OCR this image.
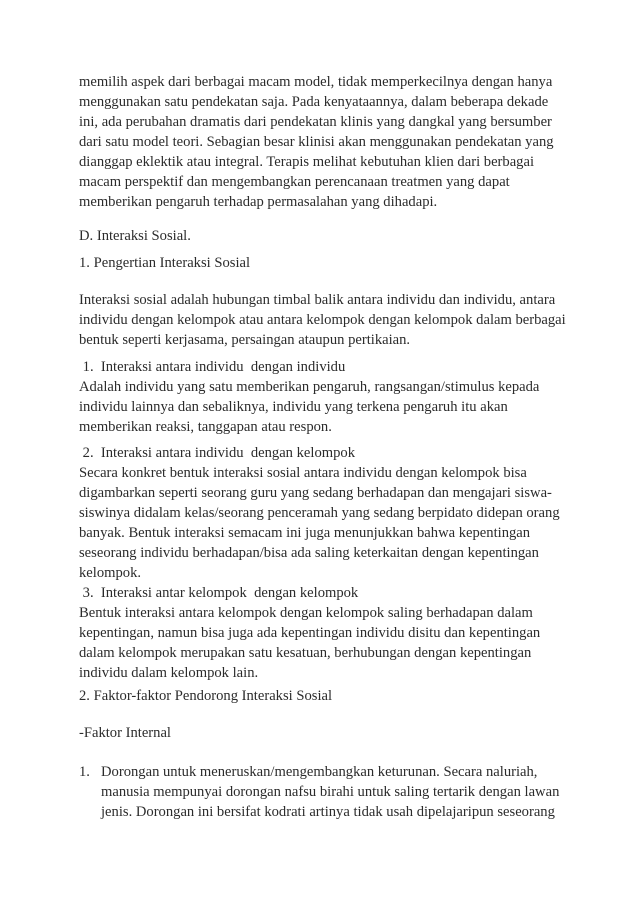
memilih aspek dari berbagai macam model, tidak memperkecilnya dengan hanya
menggunakan satu pendekatan saja. Pada kenyataannya, dalam beberapa dekade
ini, ada perubahan dramatis dari pendekatan klinis yang dangkal yang bersumber
dari satu model teori. Sebagian besar klinisi akan menggunakan pendekatan yang
dianggap eklektik atau integral. Terapis melihat kebutuhan klien dari berbagai
macam perspektif dan mengembangkan perencanaan treatmen yang dapat
memberikan pengaruh terhadap permasalahan yang dihadapi.
D. Interaksi Sosial.
1. Pengertian Interaksi Sosial
Interaksi sosial adalah hubungan timbal balik antara individu dan individu, antara
individu dengan kelompok atau antara kelompok dengan kelompok dalam berbagai
bentuk seperti kerjasama, persaingan ataupun pertikaian.
1.  Interaksi antara individu  dengan individu
Adalah individu yang satu memberikan pengaruh, rangsangan/stimulus kepada
individu lainnya dan sebaliknya, individu yang terkena pengaruh itu akan
memberikan reaksi, tanggapan atau respon.
2.  Interaksi antara individu  dengan kelompok
Secara konkret bentuk interaksi sosial antara individu dengan kelompok bisa
digambarkan seperti seorang guru yang sedang berhadapan dan mengajari siswa-
siswinya didalam kelas/seorang penceramah yang sedang berpidato didepan orang
banyak. Bentuk interaksi semacam ini juga menunjukkan bahwa kepentingan
seseorang individu berhadapan/bisa ada saling keterkaitan dengan kepentingan
kelompok.
3.  Interaksi antar kelompok  dengan kelompok
Bentuk interaksi antara kelompok dengan kelompok saling berhadapan dalam
kepentingan, namun bisa juga ada kepentingan individu disitu dan kepentingan
dalam kelompok merupakan satu kesatuan, berhubungan dengan kepentingan
individu dalam kelompok lain.
2. Faktor-faktor Pendorong Interaksi Sosial
-Faktor Internal
1. Dorongan untuk meneruskan/mengembangkan keturunan. Secara naluriah,
manusia mempunyai dorongan nafsu birahi untuk saling tertarik dengan lawan
jenis. Dorongan ini bersifat kodrati artinya tidak usah dipelajaripun seseorang
